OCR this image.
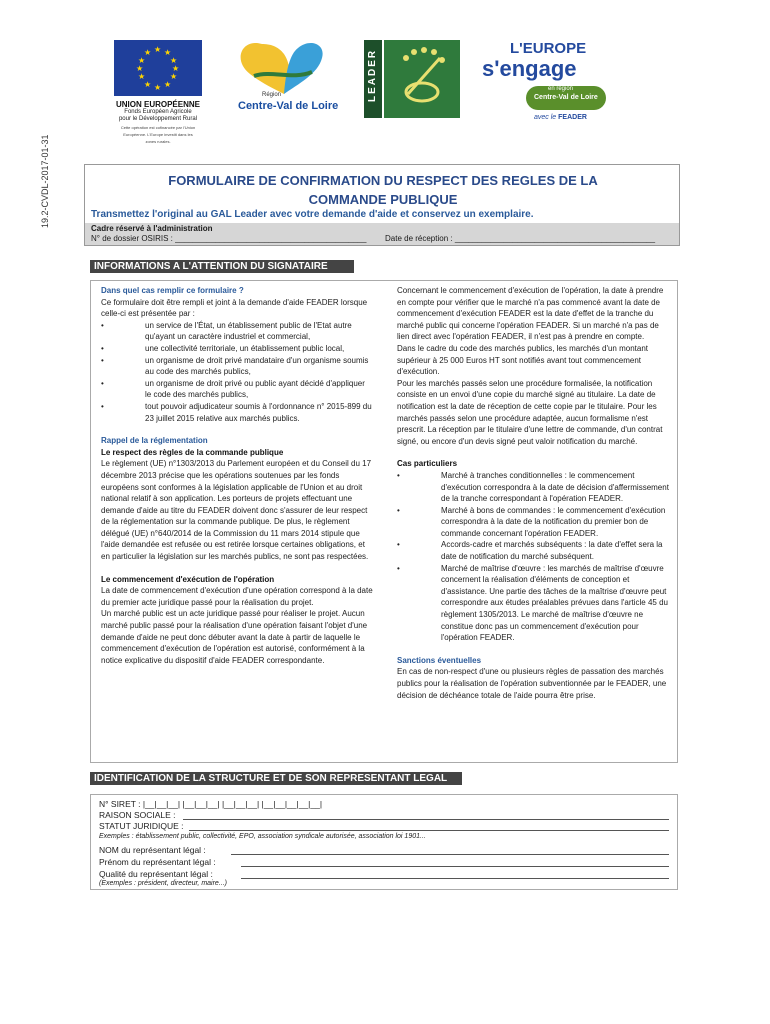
19.2-CVDL-2017-01-31
★ ★
★
★
★
★
★
★
★
★
★
★
UNION EUROPÉENNE
Fonds Européen Agricole
pour le Développement Rural
Cette opération est cofinancée par l'Union
Européenne. L'Europe investit dans les
zones rurales.
Région
Centre-Val de Loire
LEADER
L'EUROPE
s'engage
en région
Centre-Val de Loire
avec le FEADER
FORMULAIRE DE CONFIRMATION DU RESPECT DES REGLES DE LA COMMANDE PUBLIQUE
Transmettez l'original au GAL Leader avec votre demande d'aide et conservez un exemplaire.
Cadre réservé à l'administration
N° de dossier OSIRIS : ___________________________________________ Date de réception : _____________________________________________
INFORMATIONS A L'ATTENTION DU SIGNATAIRE
Dans quel cas remplir ce formulaire ?
Ce formulaire doit être rempli et joint à la demande d'aide FEADER lorsque celle-ci est présentée par :
•	un service de l'État, un établissement public de l'Etat autre qu'ayant un caractère industriel et commercial,
•	une collectivité territoriale, un établissement public local,
•	un organisme de droit privé mandataire d'un organisme soumis au code des marchés publics,
•	un organisme de droit privé ou public ayant décidé d'appliquer le code des marchés publics,
•	tout pouvoir adjudicateur soumis à l'ordonnance n° 2015-899 du 23 juillet 2015 relative aux marchés publics.
Rappel de la réglementation
Le respect des règles de la commande publique
Le règlement (UE) n°1303/2013 du Parlement européen et du Conseil du 17 décembre 2013 précise que les opérations soutenues par les fonds européens sont conformes à la législation applicable de l'Union et au droit national relatif à son application. Les porteurs de projets effectuant une demande d'aide au titre du FEADER doivent donc s'assurer de leur respect de la réglementation sur la commande publique. De plus, le règlement délégué (UE) n°640/2014 de la Commission du 11 mars 2014 stipule que l'aide demandée est refusée ou est retirée lorsque certaines obligations, et en particulier la législation sur les marchés publics, ne sont pas respectées.
Le commencement d'exécution de l'opération
La date de commencement d'exécution d'une opération correspond à la date du premier acte juridique passé pour la réalisation du projet.
Un marché public est un acte juridique passé pour réaliser le projet. Aucun marché public passé pour la réalisation d'une opération faisant l'objet d'une demande d'aide ne peut donc débuter avant la date à partir de laquelle le commencement d'exécution de l'opération est autorisé, conformément à la notice explicative du dispositif d'aide FEADER correspondante.
Concernant le commencement d'exécution de l'opération, la date à prendre en compte pour vérifier que le marché n'a pas commencé avant la date de commencement d'exécution FEADER est la date d'effet de la tranche du marché public qui concerne l'opération FEADER. Si un marché n'a pas de lien direct avec l'opération FEADER, il n'est pas à prendre en compte.
Dans le cadre du code des marchés publics, les marchés d'un montant supérieur à 25 000 Euros HT sont notifiés avant tout commencement d'exécution.
Pour les marchés passés selon une procédure formalisée, la notification consiste en un envoi d'une copie du marché signé au titulaire. La date de notification est la date de réception de cette copie par le titulaire. Pour les marchés passés selon une procédure adaptée, aucun formalisme n'est prescrit. La réception par le titulaire d'une lettre de commande, d'un contrat signé, ou encore d'un devis signé peut valoir notification du marché.
Cas particuliers
•	Marché à tranches conditionnelles : le commencement d'exécution correspondra à la date de décision d'affermissement de la tranche correspondant à l'opération FEADER.
•	Marché à bons de commandes : le commencement d'exécution correspondra à la date de la notification du premier bon de commande concernant l'opération FEADER.
•	Accords-cadre et marchés subséquents : la date d'effet sera la date de notification du marché subséquent.
•	Marché de maîtrise d'œuvre : les marchés de maîtrise d'œuvre concernent la réalisation d'éléments de conception et d'assistance. Une partie des tâches de la maîtrise d'œuvre peut correspondre aux études préalables prévues dans l'article 45 du règlement 1305/2013. Le marché de maîtrise d'œuvre ne constitue donc pas un commencement d'exécution pour l'opération FEADER.
Sanctions éventuelles
En cas de non-respect d'une ou plusieurs règles de passation des marchés publics pour la réalisation de l'opération subventionnée par le FEADER, une décision de déchéance totale de l'aide pourra être prise.
IDENTIFICATION DE LA STRUCTURE ET DE SON REPRESENTANT LEGAL
N° SIRET : |__|__|__| |__|__|__| |__|__|__| |__|__|__|__|__|
RAISON SOCIALE :
STATUT JURIDIQUE :
Exemples : établissement public, collectivité, EPO, association syndicale autorisée, association loi 1901...
NOM du représentant légal :
Prénom du représentant légal :
Qualité du représentant légal :
(Exemples : président, directeur, maire...)
